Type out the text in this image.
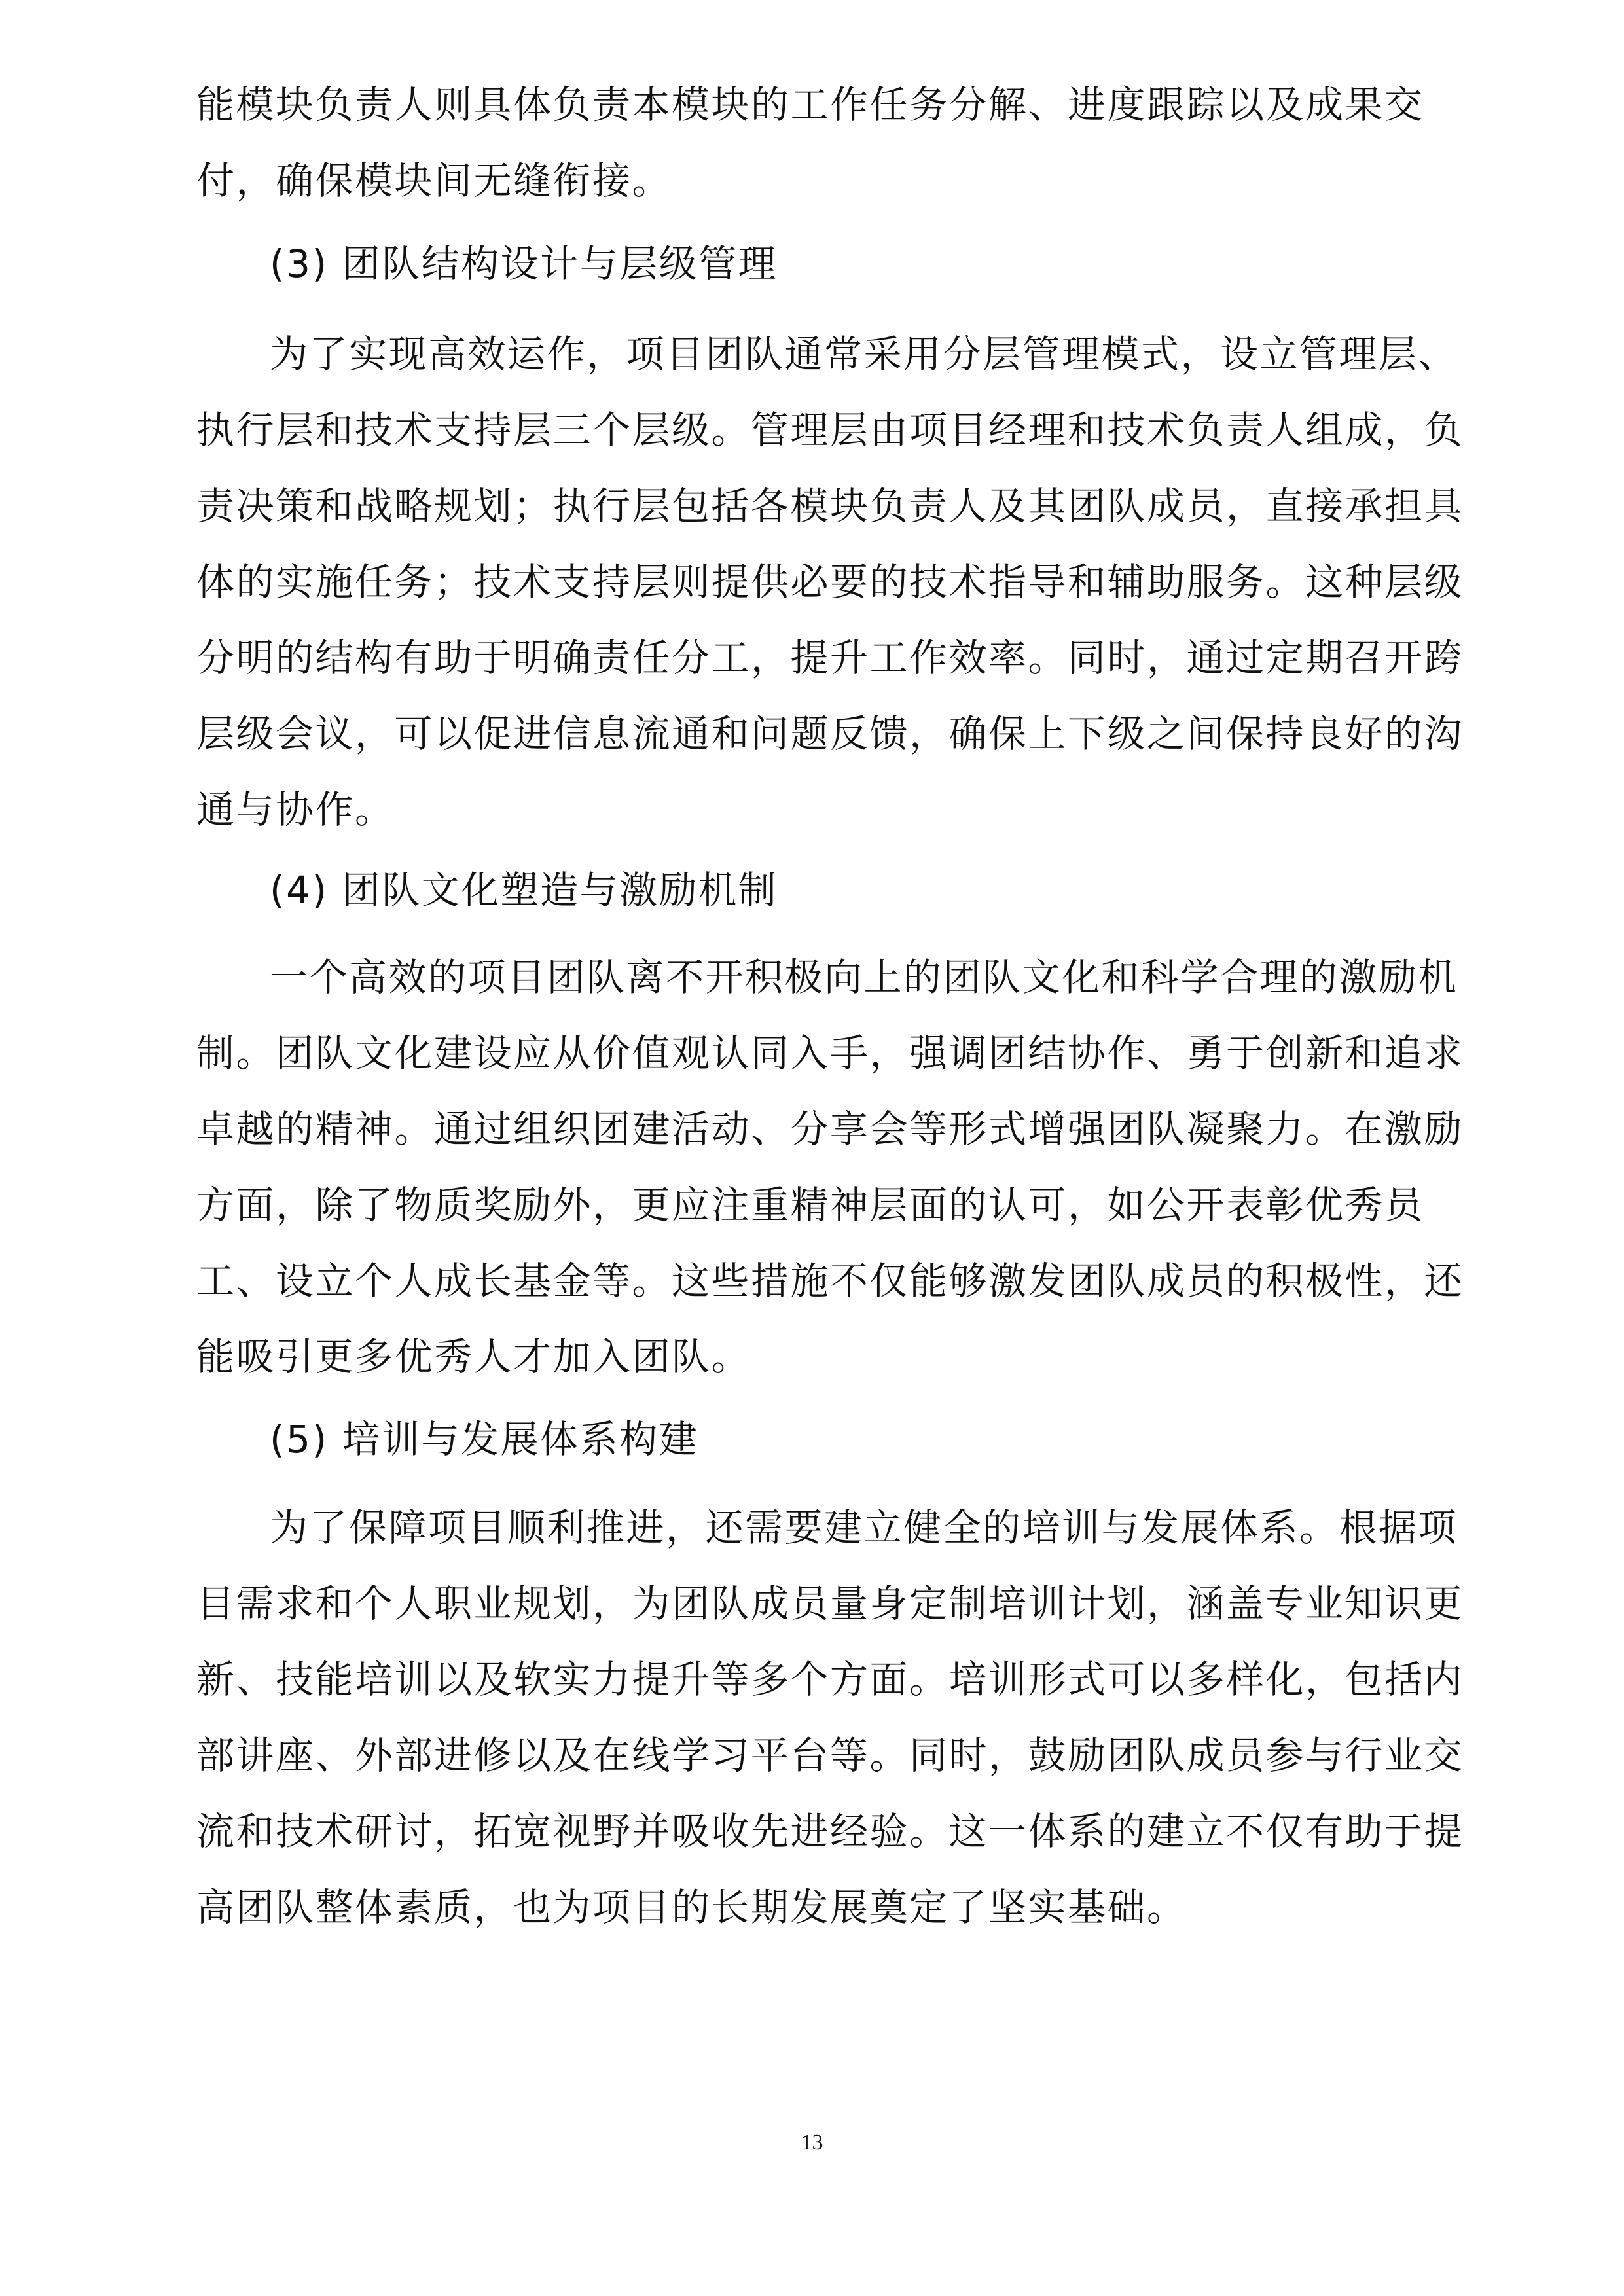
能模块负责人则具体负责本模块的工作任务分解、进度跟踪以及成果交
付，确保模块间无缝衔接。
(3) 团队结构设计与层级管理
为了实现高效运作，项目团队通常采用分层管理模式，设立管理层、
执行层和技术支持层三个层级。管理层由项目经理和技术负责人组成，负
责决策和战略规划；执行层包括各模块负责人及其团队成员，直接承担具
体的实施任务；技术支持层则提供必要的技术指导和辅助服务。这种层级
分明的结构有助于明确责任分工，提升工作效率。同时，通过定期召开跨
层级会议，可以促进信息流通和问题反馈，确保上下级之间保持良好的沟
通与协作。
(4) 团队文化塑造与激励机制
一个高效的项目团队离不开积极向上的团队文化和科学合理的激励机
制。团队文化建设应从价值观认同入手，强调团结协作、勇于创新和追求
卓越的精神。通过组织团建活动、分享会等形式增强团队凝聚力。在激励
方面，除了物质奖励外，更应注重精神层面的认可，如公开表彰优秀员
工、设立个人成长基金等。这些措施不仅能够激发团队成员的积极性，还
能吸引更多优秀人才加入团队。
(5) 培训与发展体系构建
为了保障项目顺利推进，还需要建立健全的培训与发展体系。根据项
目需求和个人职业规划，为团队成员量身定制培训计划，涵盖专业知识更
新、技能培训以及软实力提升等多个方面。培训形式可以多样化，包括内
部讲座、外部进修以及在线学习平台等。同时，鼓励团队成员参与行业交
流和技术研讨，拓宽视野并吸收先进经验。这一体系的建立不仅有助于提
高团队整体素质，也为项目的长期发展奠定了坚实基础。
13
